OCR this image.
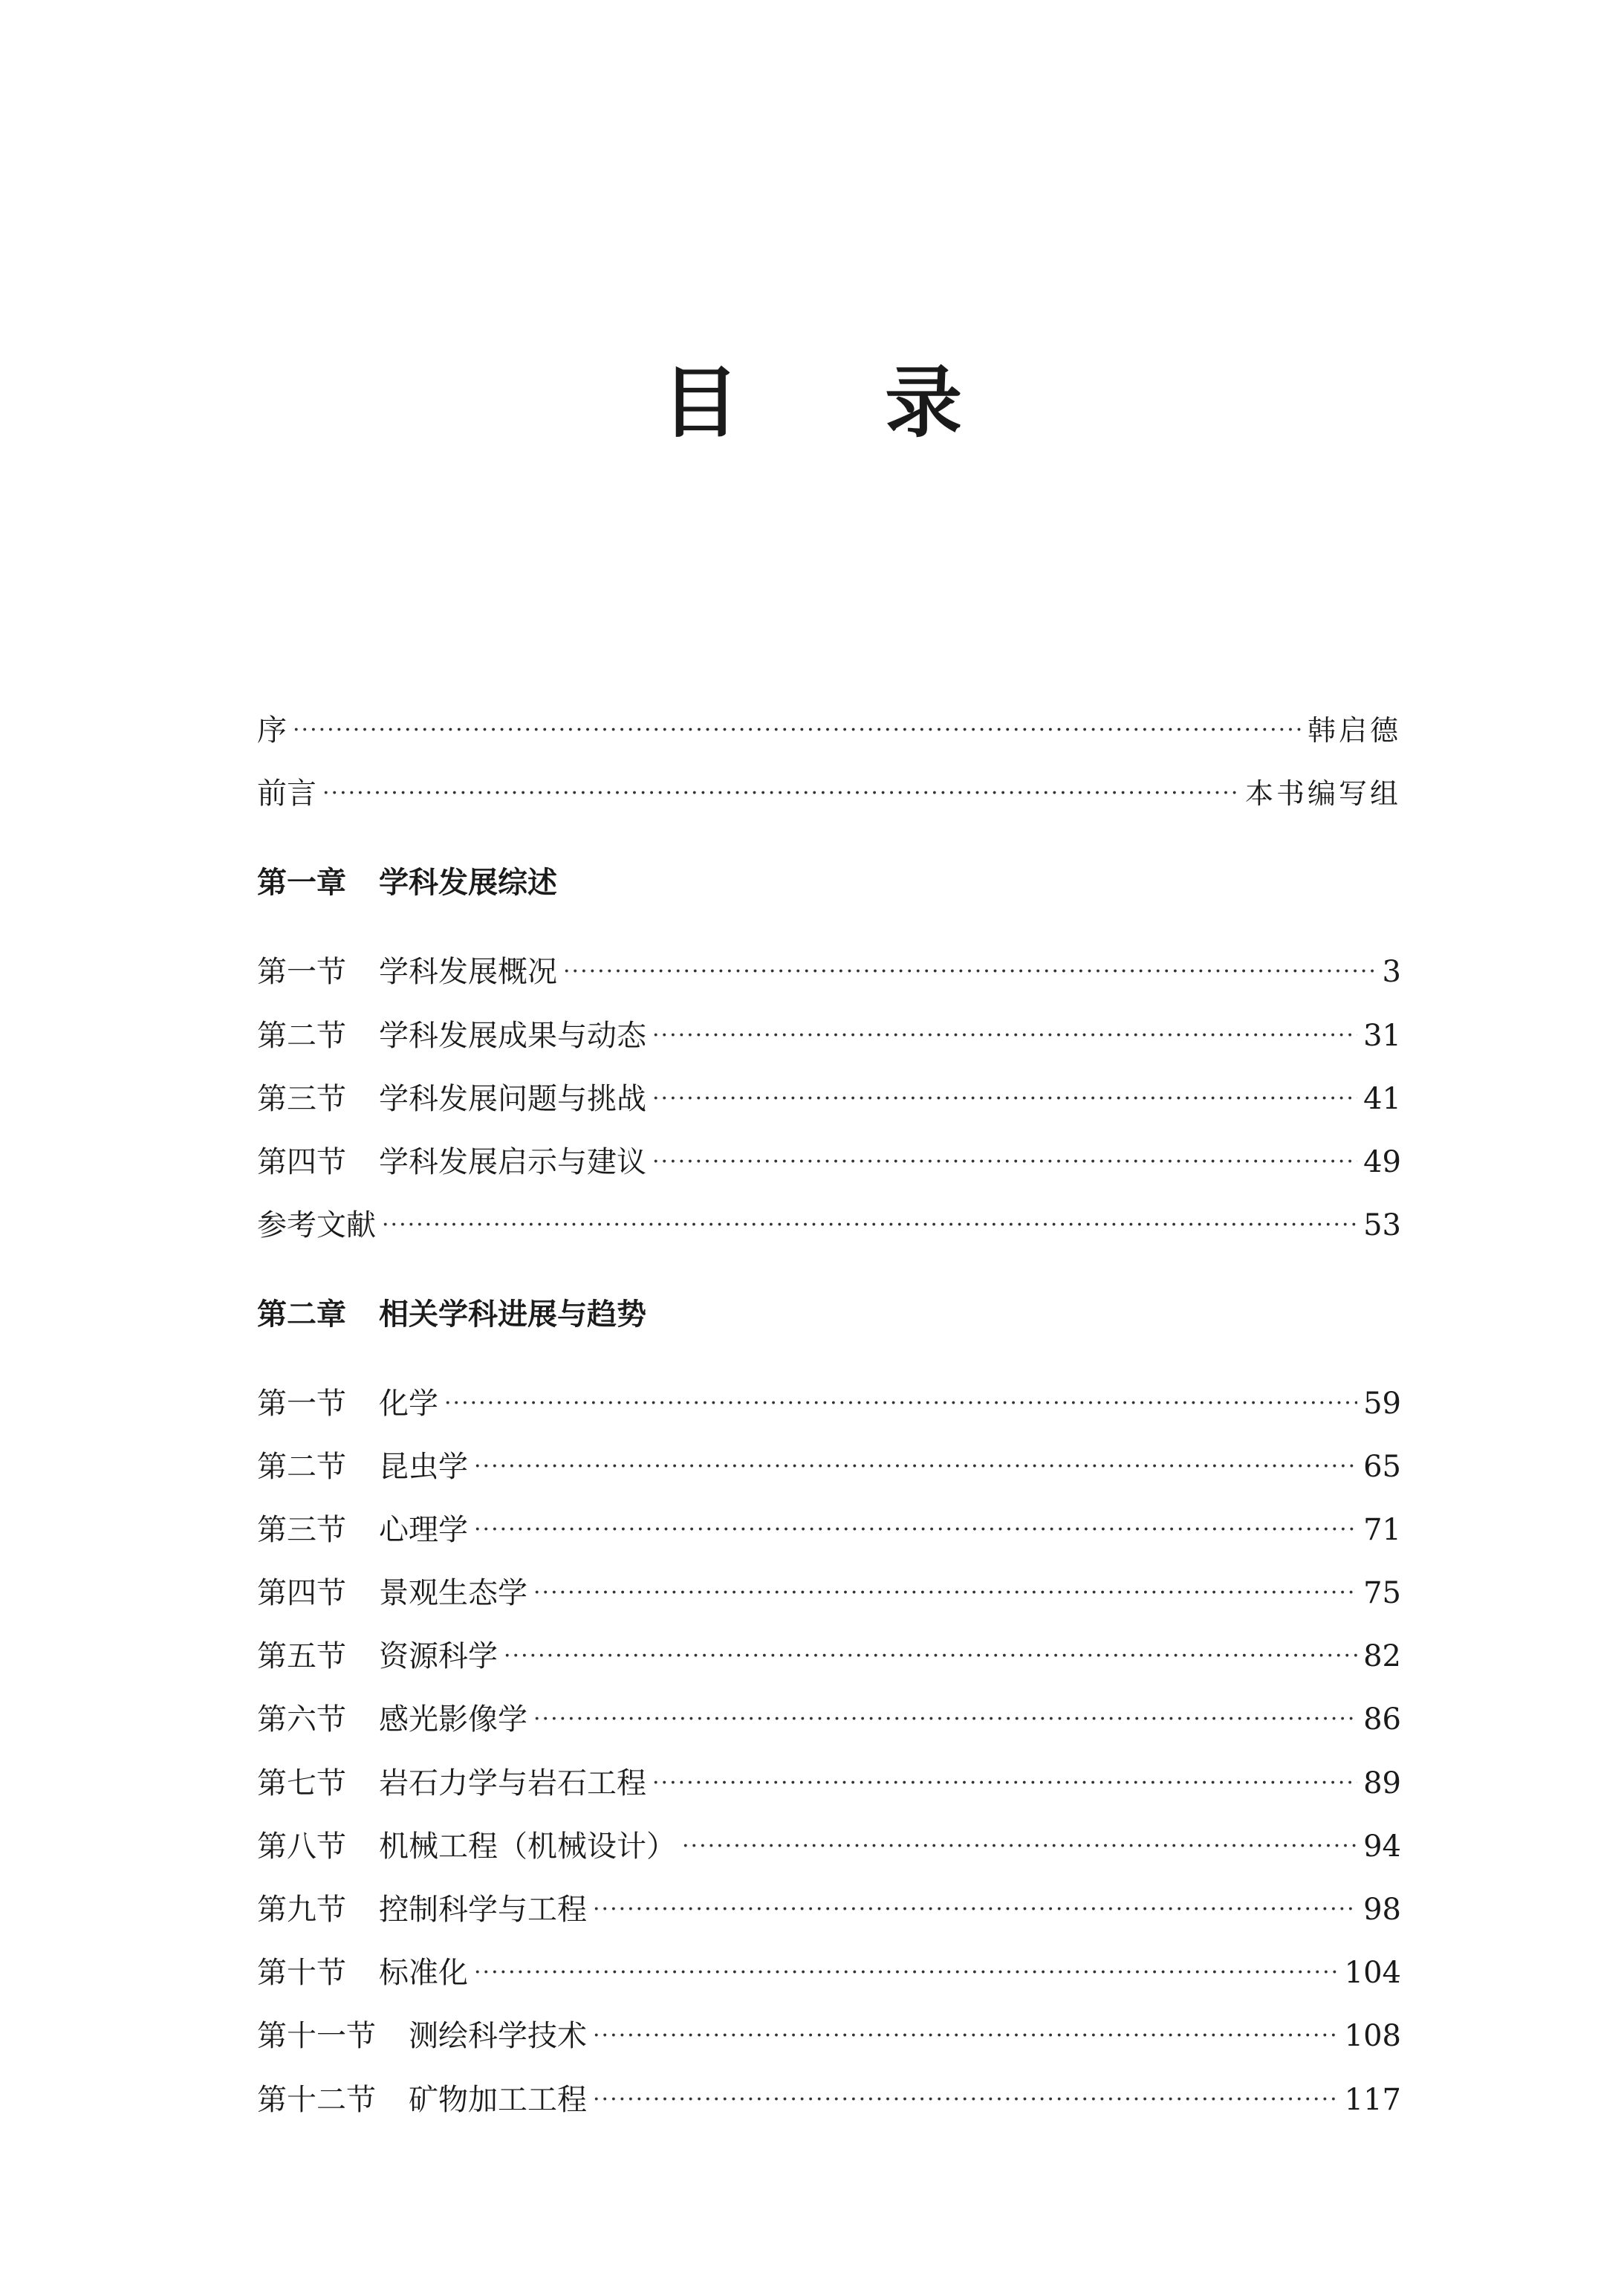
目 录
序 ·····	韩启德
前言 ·····	本书编写组
第一章 学科发展综述
第一节 学科发展概况 ·····	3
第二节 学科发展成果与动态 ·····	31
第三节 学科发展问题与挑战 ·····	41
第四节 学科发展启示与建议 ·····	49
参考文献 ·····	53
第二章 相关学科进展与趋势
第一节 化学 ·····	59
第二节 昆虫学 ·····	65
第三节 心理学 ·····	71
第四节 景观生态学 ·····	75
第五节 资源科学 ·····	82
第六节 感光影像学 ·····	86
第七节 岩石力学与岩石工程 ·····	89
第八节 机械工程（机械设计） ·····	94
第九节 控制科学与工程 ·····	98
第十节 标准化 ·····	104
第十一节 测绘科学技术 ·····	108
第十二节 矿物加工工程 ·····	117
